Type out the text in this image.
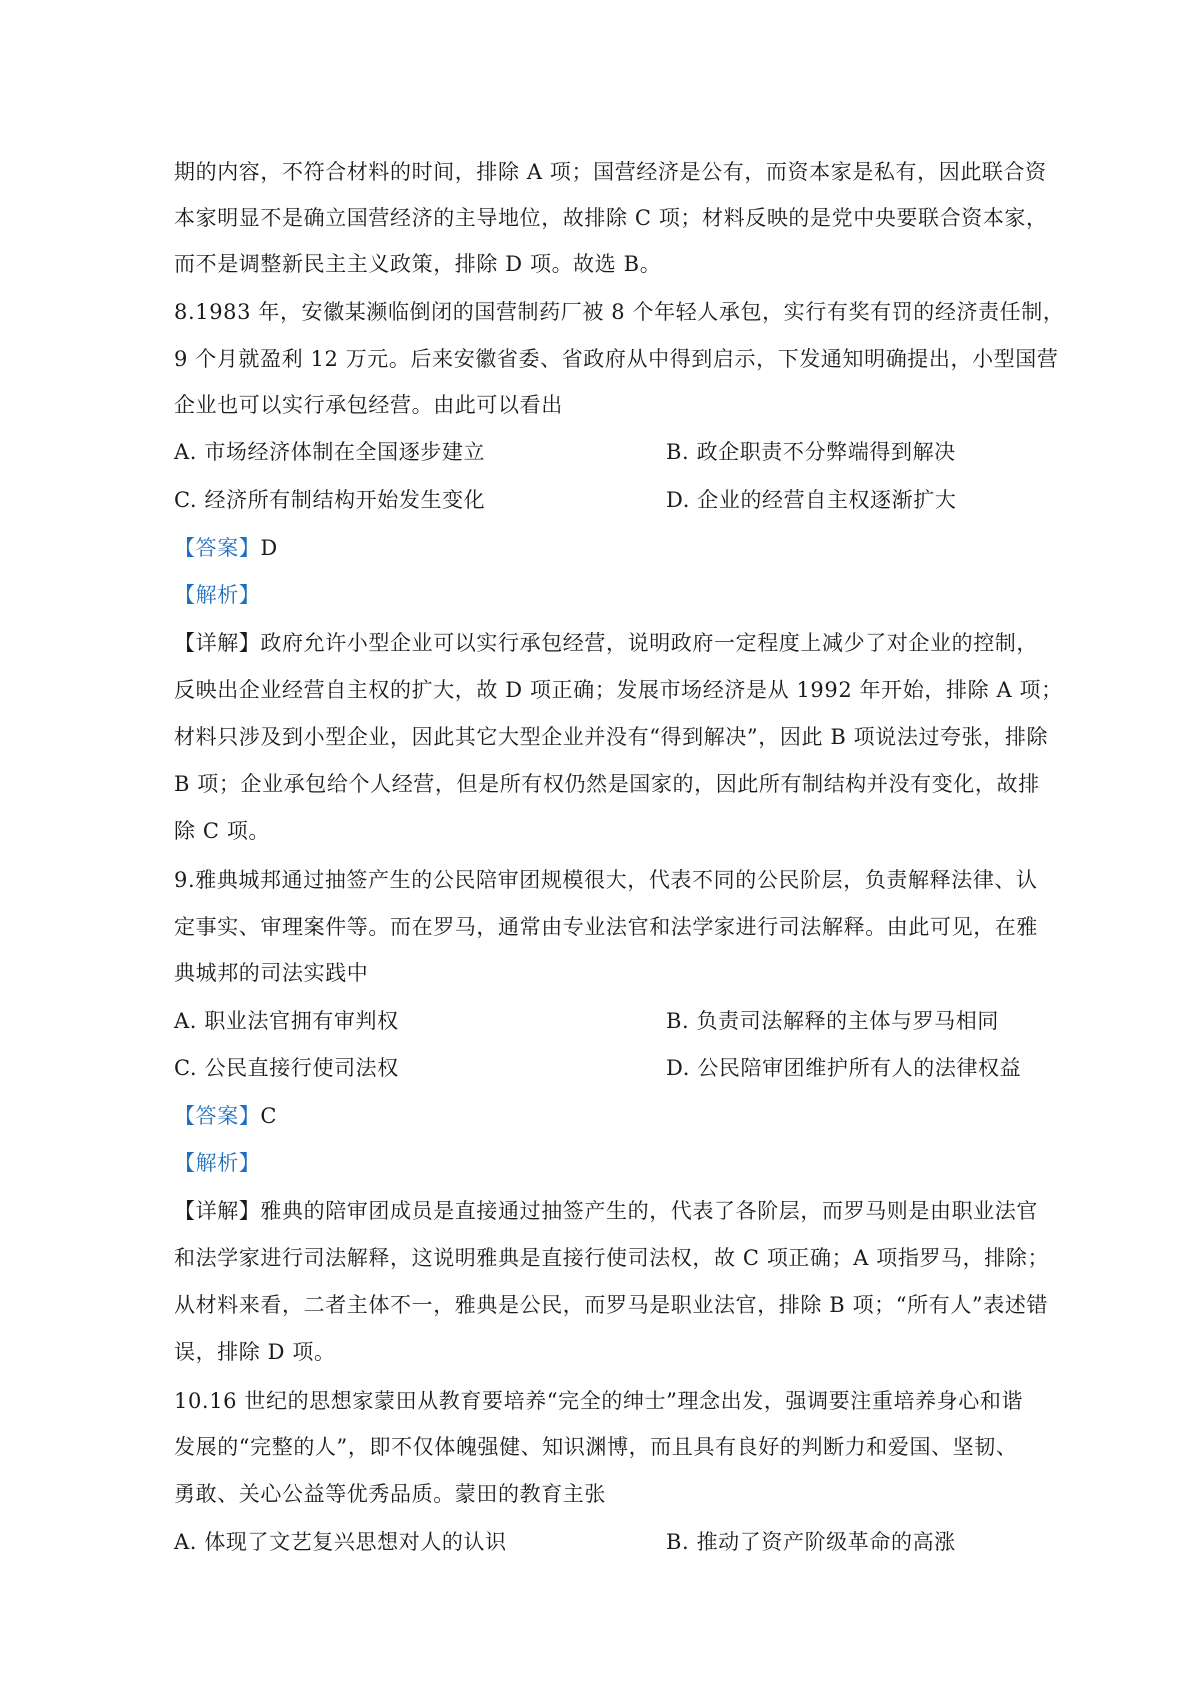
期的内容，不符合材料的时间，排除 A 项；国营经济是公有，而资本家是私有，因此联合资
本家明显不是确立国营经济的主导地位，故排除 C 项；材料反映的是党中央要联合资本家，
而不是调整新民主主义政策，排除 D 项。故选 B。
8.1983 年，安徽某濒临倒闭的国营制药厂被 8 个年轻人承包，实行有奖有罚的经济责任制，
9 个月就盈利 12 万元。后来安徽省委、省政府从中得到启示，下发通知明确提出，小型国营
企业也可以实行承包经营。由此可以看出
A. 市场经济体制在全国逐步建立	B. 政企职责不分弊端得到解决
C. 经济所有制结构开始发生变化	D. 企业的经营自主权逐渐扩大
【答案】D
【解析】
【详解】政府允许小型企业可以实行承包经营，说明政府一定程度上减少了对企业的控制，
反映出企业经营自主权的扩大，故 D 项正确；发展市场经济是从 1992 年开始，排除 A 项；
材料只涉及到小型企业，因此其它大型企业并没有“得到解决”，因此 B 项说法过夸张，排除
B 项；企业承包给个人经营，但是所有权仍然是国家的，因此所有制结构并没有变化，故排
除 C 项。
9.雅典城邦通过抽签产生的公民陪审团规模很大，代表不同的公民阶层，负责解释法律、认
定事实、审理案件等。而在罗马，通常由专业法官和法学家进行司法解释。由此可见，在雅
典城邦的司法实践中
A. 职业法官拥有审判权	B. 负责司法解释的主体与罗马相同
C. 公民直接行使司法权	D. 公民陪审团维护所有人的法律权益
【答案】C
【解析】
【详解】雅典的陪审团成员是直接通过抽签产生的，代表了各阶层，而罗马则是由职业法官
和法学家进行司法解释，这说明雅典是直接行使司法权，故 C 项正确；A 项指罗马，排除；
从材料来看，二者主体不一，雅典是公民，而罗马是职业法官，排除 B 项；“所有人”表述错
误，排除 D 项。
10.16 世纪的思想家蒙田从教育要培养“完全的绅士”理念出发，强调要注重培养身心和谐
发展的“完整的人”，即不仅体魄强健、知识渊博，而且具有良好的判断力和爱国、坚韧、
勇敢、关心公益等优秀品质。蒙田的教育主张
A. 体现了文艺复兴思想对人的认识	B. 推动了资产阶级革命的高涨
